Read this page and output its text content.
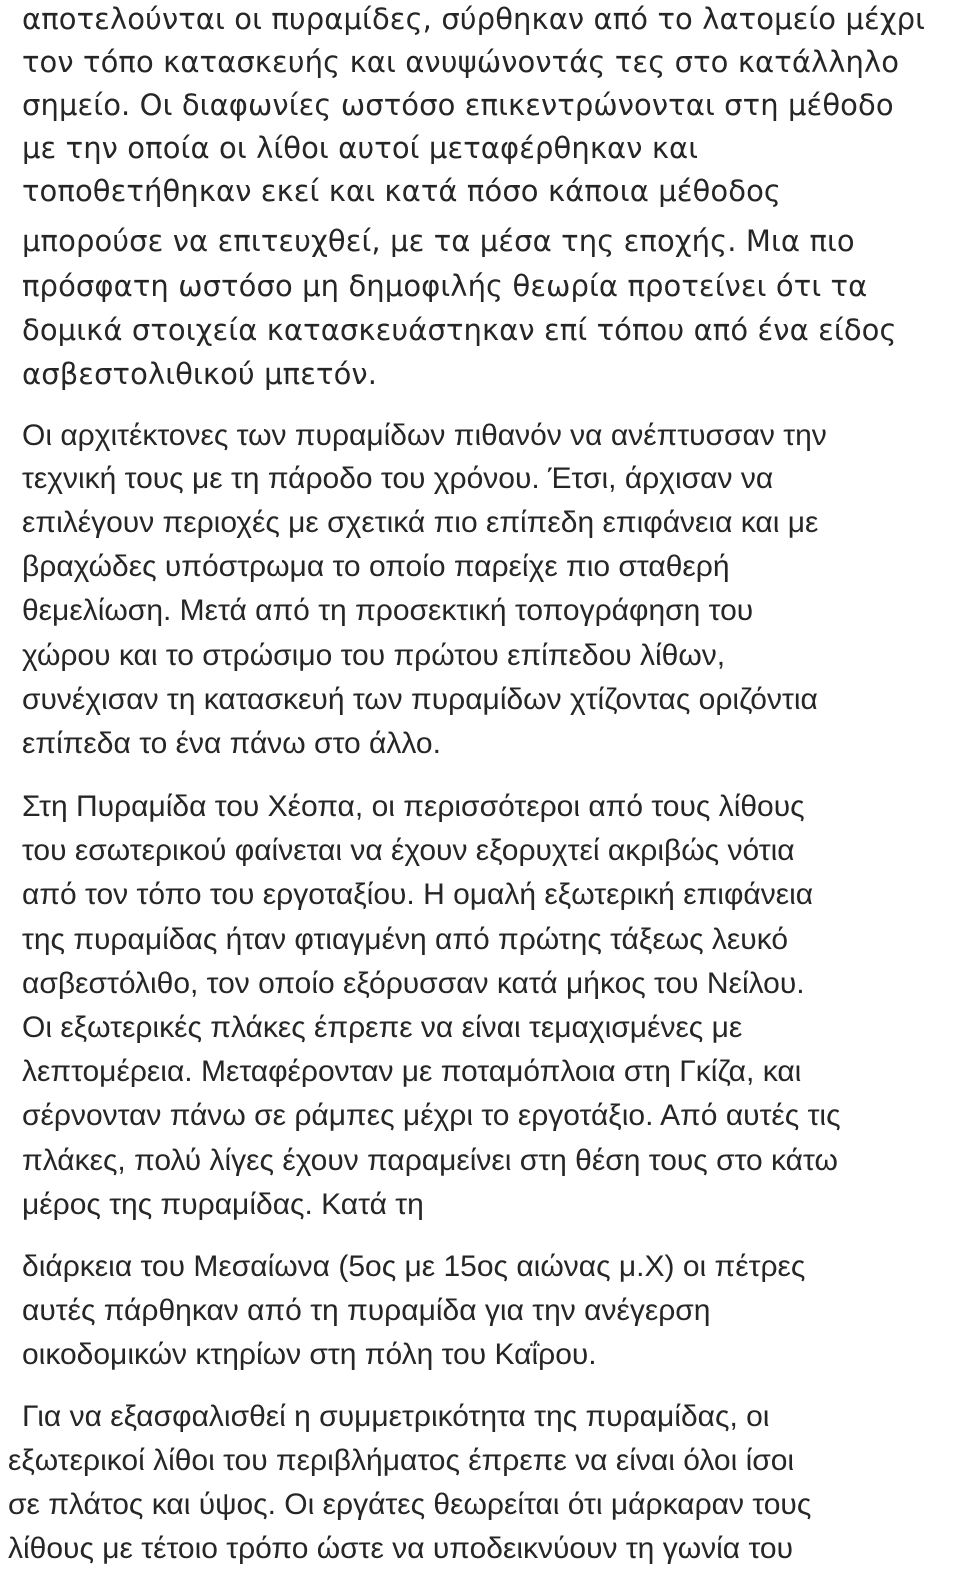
αποτελούνται οι πυραμίδες, σύρθηκαν από το λατομείο μέχρι
τον τόπο κατασκευής και ανυψώνοντάς τες στο κατάλληλο
σημείο. Οι διαφωνίες ωστόσο επικεντρώνονται στη μέθοδο
με την οποία οι λίθοι αυτοί μεταφέρθηκαν και
τοποθετήθηκαν εκεί και κατά πόσο κάποια μέθοδος
μπορούσε να επιτευχθεί, με τα μέσα της εποχής. Μια πιο
πρόσφατη ωστόσο μη δημοφιλής θεωρία προτείνει ότι τα
δομικά στοιχεία κατασκευάστηκαν επί τόπου από ένα είδος
ασβεστολιθικού μπετόν.
Οι αρχιτέκτονες των πυραμίδων πιθανόν να ανέπτυσσαν την
τεχνική τους με τη πάροδο του χρόνου. Έτσι, άρχισαν να
επιλέγουν περιοχές με σχετικά πιο επίπεδη επιφάνεια και με
βραχώδες υπόστρωμα το οποίο παρείχε πιο σταθερή
θεμελίωση. Μετά από τη προσεκτική τοπογράφηση του
χώρου και το στρώσιμο του πρώτου επίπεδου λίθων,
συνέχισαν τη κατασκευή των πυραμίδων χτίζοντας οριζόντια
επίπεδα το ένα πάνω στο άλλο.
Στη Πυραμίδα του Χέοπα, οι περισσότεροι από τους λίθους
του εσωτερικού φαίνεται να έχουν εξορυχτεί ακριβώς νότια
από τον τόπο του εργοταξίου. Η ομαλή εξωτερική επιφάνεια
της πυραμίδας ήταν φτιαγμένη από πρώτης τάξεως λευκό
ασβεστόλιθο, τον οποίο εξόρυσσαν κατά μήκος του Νείλου.
Οι εξωτερικές πλάκες έπρεπε να είναι τεμαχισμένες με
λεπτομέρεια. Μεταφέρονταν με ποταμόπλοια στη Γκίζα, και
σέρνονταν πάνω σε ράμπες μέχρι το εργοτάξιο. Από αυτές τις
πλάκες, πολύ λίγες έχουν παραμείνει στη θέση τους στο κάτω
μέρος της πυραμίδας. Κατά τη
διάρκεια του Μεσαίωνα (5ος με 15ος αιώνας μ.Χ) οι πέτρες
αυτές πάρθηκαν από τη πυραμίδα για την ανέγερση
οικοδομικών κτηρίων στη πόλη του Καΐρου.
Για να εξασφαλισθεί η συμμετρικότητα της πυραμίδας, οι
εξωτερικοί λίθοι του περιβλήματος έπρεπε να είναι όλοι ίσοι
σε πλάτος και ύψος. Οι εργάτες θεωρείται ότι μάρκαραν τους
λίθους με τέτοιο τρόπο ώστε να υποδεικνύουν τη γωνία του
